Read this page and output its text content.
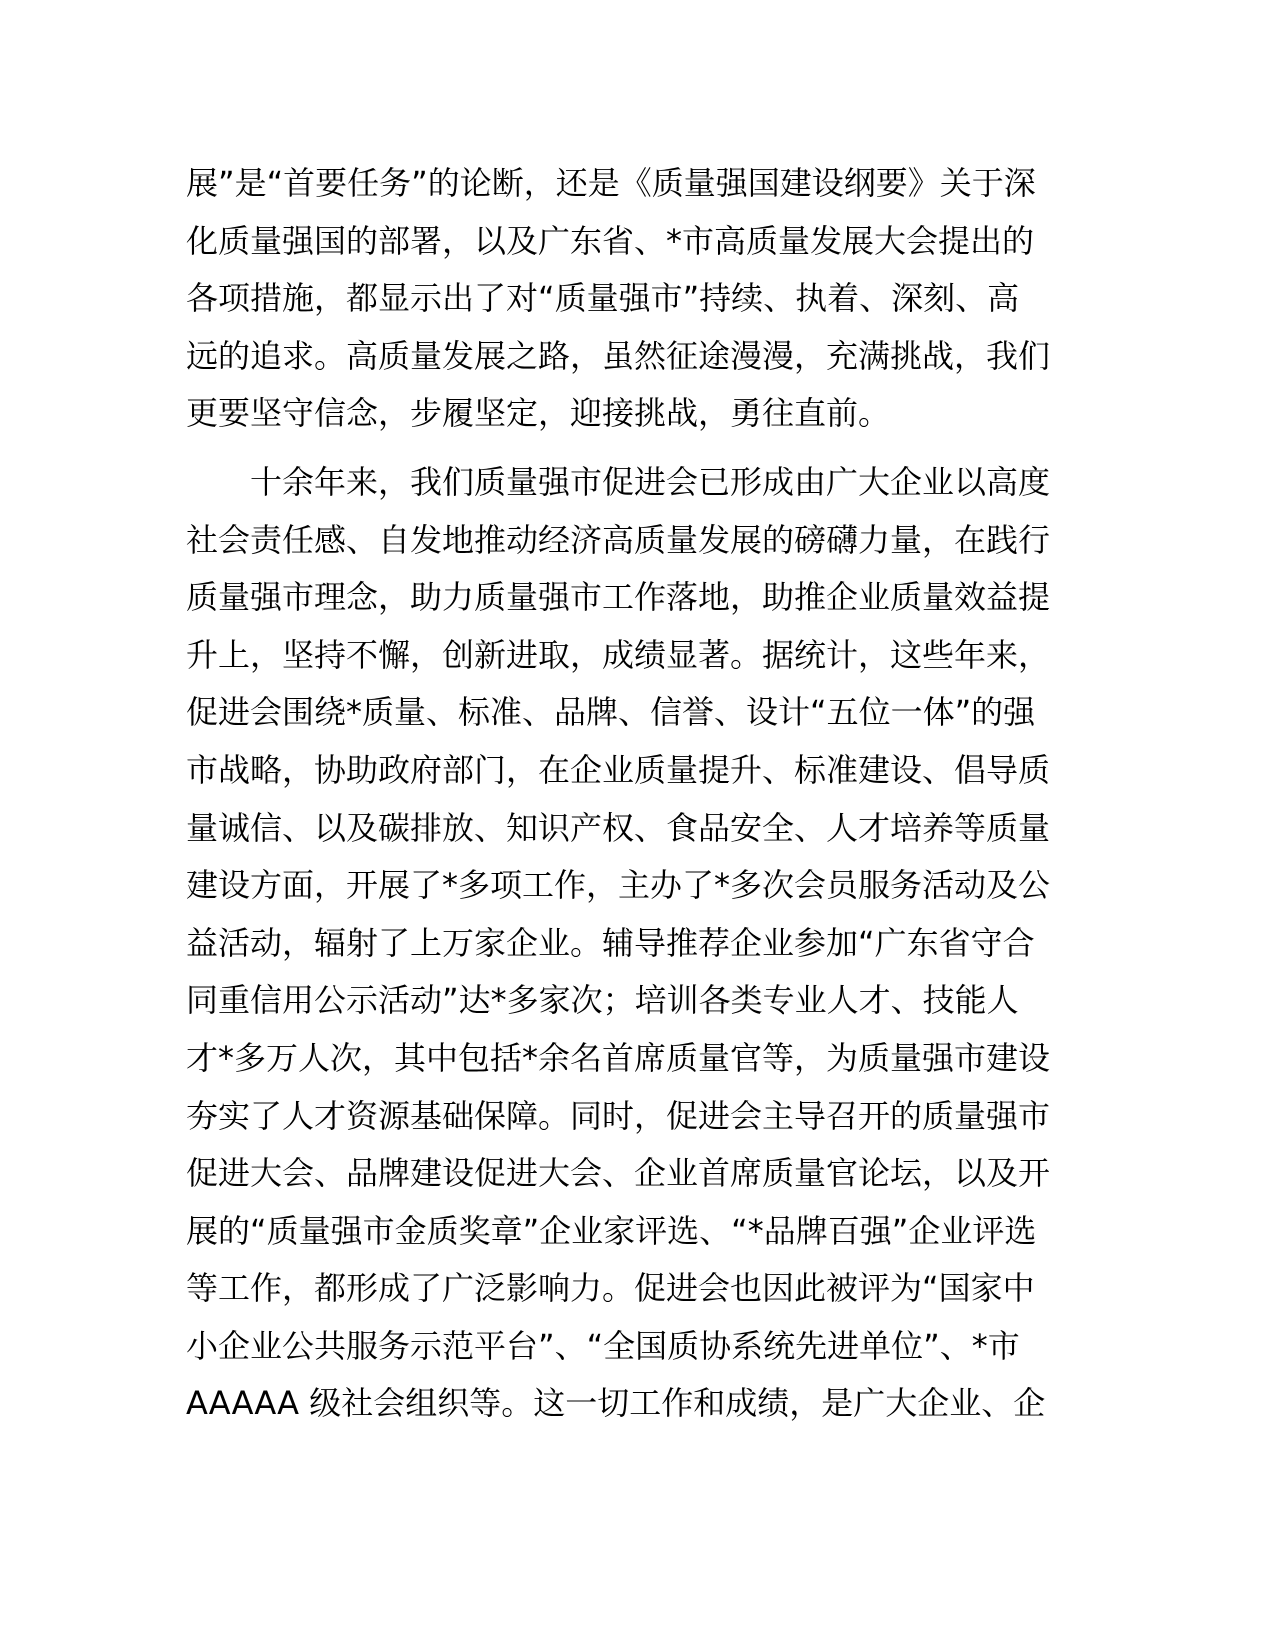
展”是“首要任务”的论断，还是《质量强国建设纲要》关于深
化质量强国的部署，以及广东省、*市高质量发展大会提出的
各项措施，都显示出了对“质量强市”持续、执着、深刻、高
远的追求。高质量发展之路，虽然征途漫漫，充满挑战，我们
更要坚守信念，步履坚定，迎接挑战，勇往直前。
十余年来，我们质量强市促进会已形成由广大企业以高度
社会责任感、自发地推动经济高质量发展的磅礴力量，在践行
质量强市理念，助力质量强市工作落地，助推企业质量效益提
升上，坚持不懈，创新进取，成绩显著。据统计，这些年来，
促进会围绕*质量、标准、品牌、信誉、设计“五位一体”的强
市战略，协助政府部门，在企业质量提升、标准建设、倡导质
量诚信、以及碳排放、知识产权、食品安全、人才培养等质量
建设方面，开展了*多项工作，主办了*多次会员服务活动及公
益活动，辐射了上万家企业。辅导推荐企业参加“广东省守合
同重信用公示活动”达*多家次；培训各类专业人才、技能人
才*多万人次，其中包括*余名首席质量官等，为质量强市建设
夯实了人才资源基础保障。同时，促进会主导召开的质量强市
促进大会、品牌建设促进大会、企业首席质量官论坛，以及开
展的“质量强市金质奖章”企业家评选、“*品牌百强”企业评选
等工作，都形成了广泛影响力。促进会也因此被评为“国家中
小企业公共服务示范平台”、“全国质协系统先进单位”、*市
AAAAA 级社会组织等。这一切工作和成绩，是广大企业、企
